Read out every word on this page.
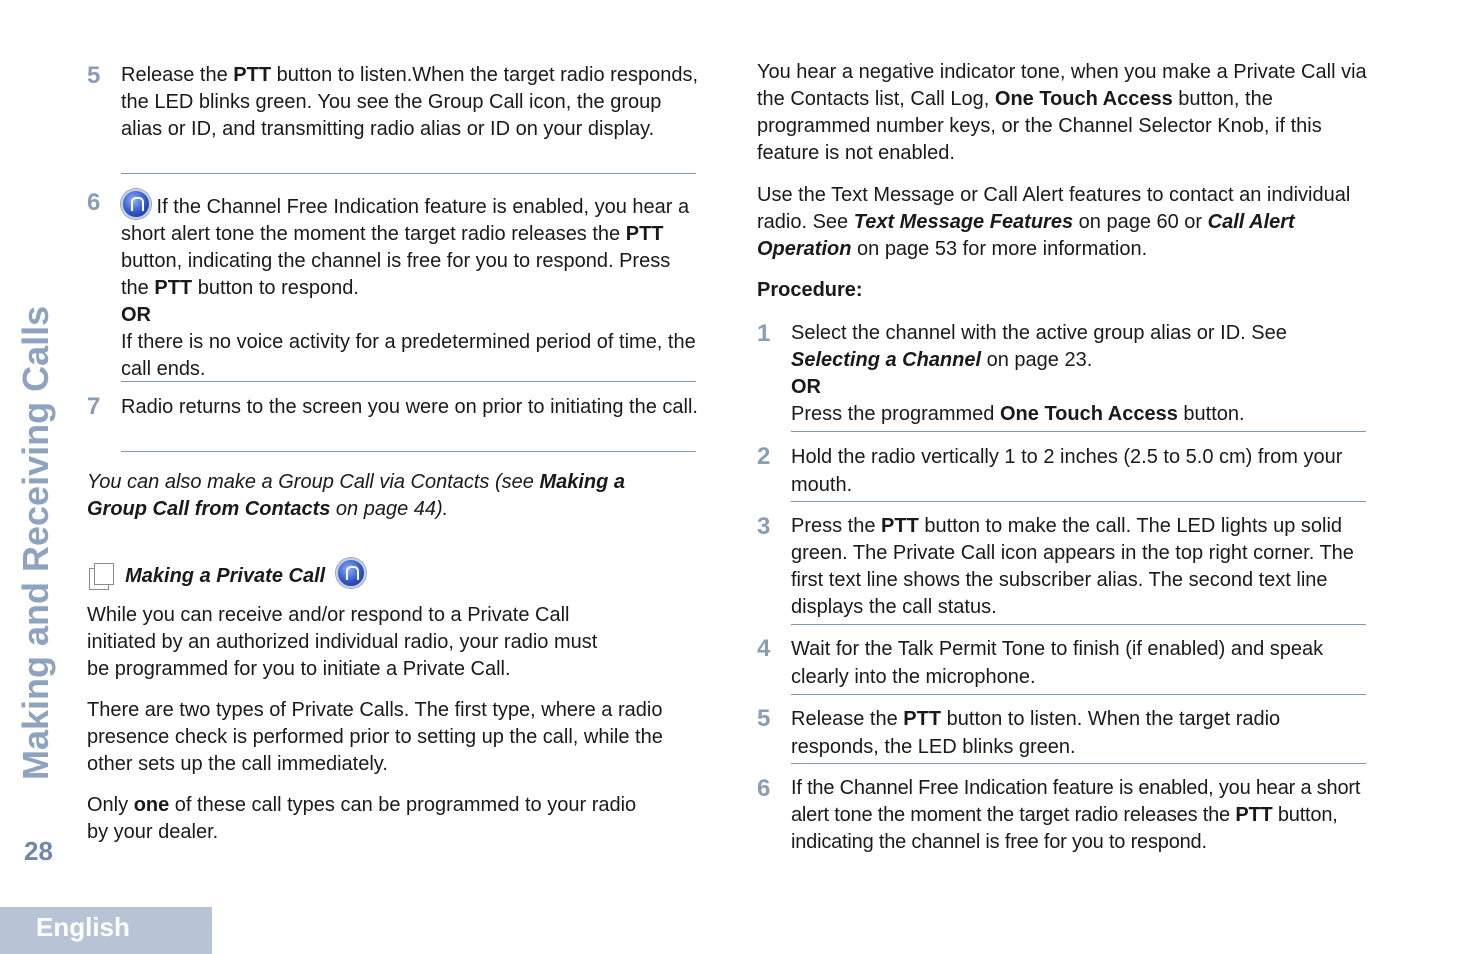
Making and Receiving Calls
28
English
5 Release the PTT button to listen.When the target radio responds, the LED blinks green. You see the Group Call icon, the group alias or ID, and transmitting radio alias or ID on your display.
6	If the Channel Free Indication feature is enabled, you hear a short alert tone the moment the target radio releases the PTT button, indicating the channel is free for you to respond. Press the PTT button to respond.
OR
If there is no voice activity for a predetermined period of time, the call ends.
7 Radio returns to the screen you were on prior to initiating the call.
You can also make a Group Call via Contacts (see Making a Group Call from Contacts on page 44).
Making a Private Call
While you can receive and/or respond to a Private Call initiated by an authorized individual radio, your radio must be programmed for you to initiate a Private Call.
There are two types of Private Calls. The first type, where a radio presence check is performed prior to setting up the call, while the other sets up the call immediately.
Only one of these call types can be programmed to your radio by your dealer.
You hear a negative indicator tone, when you make a Private Call via the Contacts list, Call Log, One Touch Access button, the programmed number keys, or the Channel Selector Knob, if this feature is not enabled.
Use the Text Message or Call Alert features to contact an individual radio. See Text Message Features on page 60 or Call Alert Operation on page 53 for more information.
Procedure:
1 Select the channel with the active group alias or ID. See Selecting a Channel on page 23.
OR
Press the programmed One Touch Access button.
2 Hold the radio vertically 1 to 2 inches (2.5 to 5.0 cm) from your mouth.
3 Press the PTT button to make the call. The LED lights up solid green. The Private Call icon appears in the top right corner. The first text line shows the subscriber alias. The second text line displays the call status.
4 Wait for the Talk Permit Tone to finish (if enabled) and speak clearly into the microphone.
5 Release the PTT button to listen. When the target radio responds, the LED blinks green.
6 If the Channel Free Indication feature is enabled, you hear a short alert tone the moment the target radio releases the PTT button, indicating the channel is free for you to respond.
